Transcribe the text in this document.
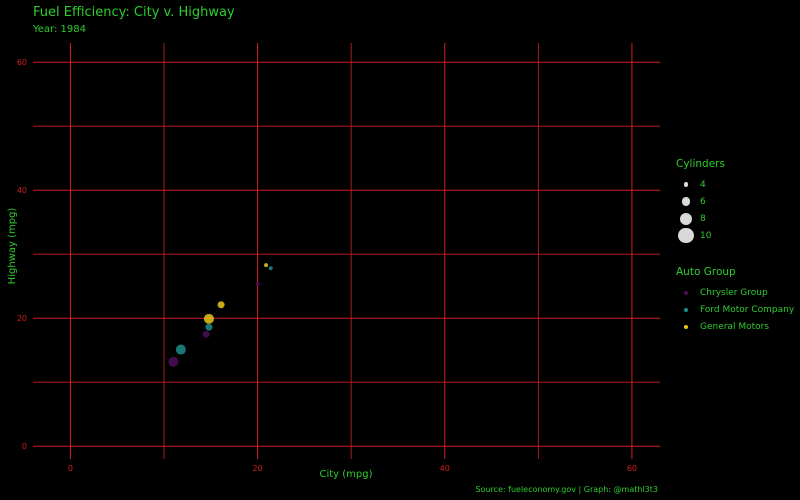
0	20	40	60
0
20
40
60
City (mpg)
Highway (mpg)
Fuel Efficiency: City v. Highway
Year: 1984
Source: fueleconomy.gov | Graph: @mathl3t3
Cylinders
4
6
8
10
Auto Group
Chrysler Group
Ford Motor Company
General Motors
